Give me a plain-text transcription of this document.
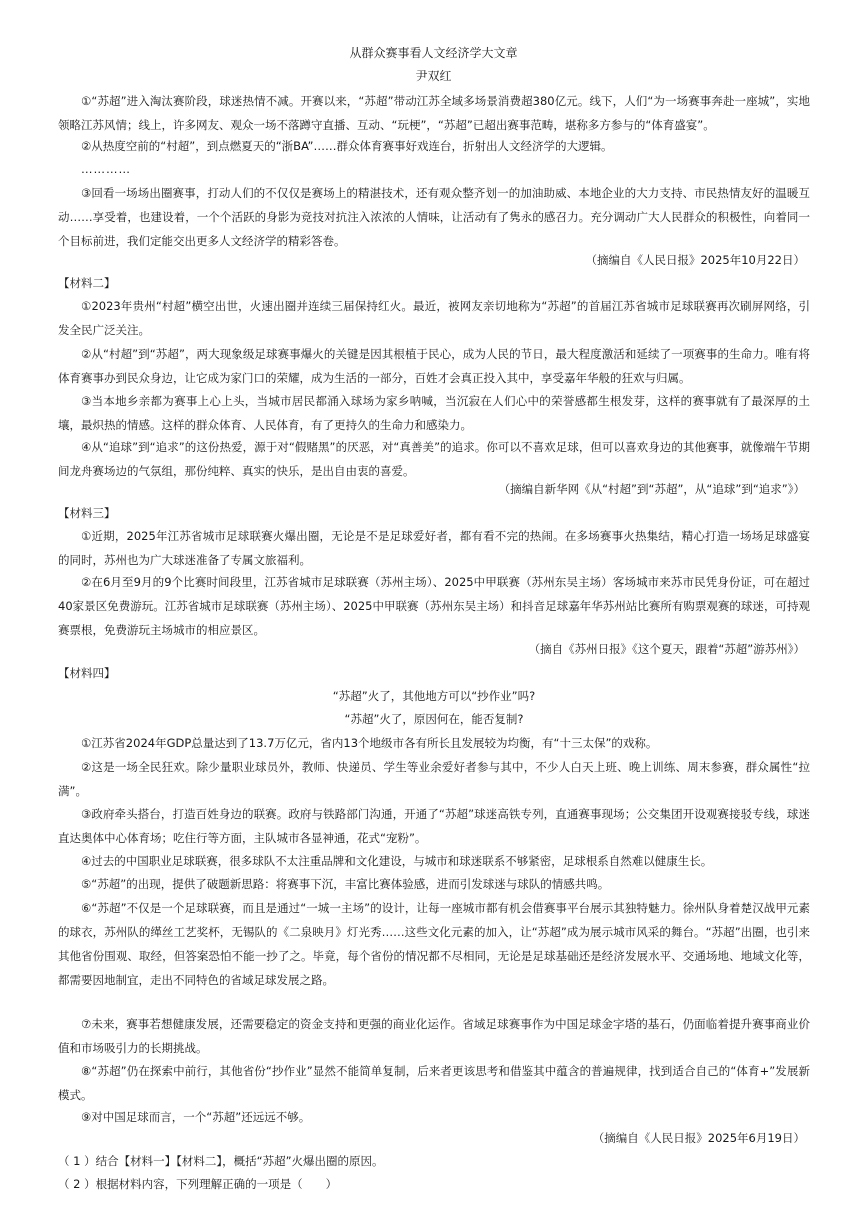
从群众赛事看人文经济学大文章
尹双红

①“苏超”进入淘汰赛阶段，球迷热情不减。开赛以来，“苏超”带动江苏全域多场景消费超380亿元。线下，人们“为一场赛事奔赴一座城”，实地领略江苏风情；线上，许多网友、观众一场不落蹲守直播、互动、“玩梗”，“苏超”已超出赛事范畴，堪称多方参与的“体育盛宴”。

②从热度空前的“村超”，到点燃夏天的“浙BA”……群众体育赛事好戏连台，折射出人文经济学的大逻辑。

…………

③回看一场场出圈赛事，打动人们的不仅仅是赛场上的精湛技术，还有观众整齐划一的加油助威、本地企业的大力支持、市民热情友好的温暖互动……享受着，也建设着，一个个活跃的身影为竞技对抗注入浓浓的人情味，让活动有了隽永的感召力。充分调动广大人民群众的积极性，向着同一个目标前进，我们定能交出更多人文经济学的精彩答卷。

（摘编自《人民日报》2025年10月22日）
【材料二】

①2023年贵州“村超”横空出世，火速出圈并连续三届保持红火。最近，被网友亲切地称为“苏超”的首届江苏省城市足球联赛再次刷屏网络，引发全民广泛关注。

②从“村超”到“苏超”，两大现象级足球赛事爆火的关键是因其根植于民心，成为人民的节日，最大程度激活和延续了一项赛事的生命力。唯有将体育赛事办到民众身边，让它成为家门口的荣耀，成为生活的一部分，百姓才会真正投入其中，享受嘉年华般的狂欢与归属。

③当本地乡亲都为赛事上心上头，当城市居民都涌入球场为家乡呐喊，当沉寂在人们心中的荣誉感都生根发芽，这样的赛事就有了最深厚的土壤，最炽热的情感。这样的群众体育、人民体育，有了更持久的生命力和感染力。

④从“追球”到“追求”的这份热爱，源于对“假赌黑”的厌恶，对“真善美”的追求。你可以不喜欢足球，但可以喜欢身边的其他赛事，就像端午节期间龙舟赛场边的气氛组，那份纯粹、真实的快乐，是出自由衷的喜爱。

（摘编自新华网《从“村超”到“苏超”，从“追球”到“追求”》）
【材料三】

①近期，2025年江苏省城市足球联赛火爆出圈，无论是不是足球爱好者，都有看不完的热闹。在多场赛事火热集结，精心打造一场场足球盛宴的同时，苏州也为广大球迷准备了专属文旅福利。

②在6月至9月的9个比赛时间段里，江苏省城市足球联赛（苏州主场）、2025中甲联赛（苏州东吴主场）客场城市来苏市民凭身份证，可在超过40家景区免费游玩。江苏省城市足球联赛（苏州主场）、2025中甲联赛（苏州东吴主场）和抖音足球嘉年华苏州站比赛所有购票观赛的球迷，可持观赛票根，免费游玩主场城市的相应景区。

（摘自《苏州日报》《这个夏天，跟着“苏超”游苏州》）
【材料四】
“苏超”火了，其他地方可以“抄作业”吗?
“苏超”火了，原因何在，能否复制?

①江苏省2024年GDP总量达到了13.7万亿元，省内13个地级市各有所长且发展较为均衡，有“十三太保”的戏称。

②这是一场全民狂欢。除少量职业球员外，教师、快递员、学生等业余爱好者参与其中，不少人白天上班、晚上训练、周末参赛，群众属性“拉满”。

③政府牵头搭台，打造百姓身边的联赛。政府与铁路部门沟通，开通了“苏超”球迷高铁专列，直通赛事现场；公交集团开设观赛接驳专线，球迷直达奥体中心体育场；吃住行等方面，主队城市各显神通，花式“宠粉”。

④过去的中国职业足球联赛，很多球队不太注重品牌和文化建设，与城市和球迷联系不够紧密，足球根系自然难以健康生长。

⑤“苏超”的出现，提供了破题新思路：将赛事下沉，丰富比赛体验感，进而引发球迷与球队的情感共鸣。

⑥“苏超”不仅是一个足球联赛，而且是通过“一城一主场”的设计，让每一座城市都有机会借赛事平台展示其独特魅力。徐州队身着楚汉战甲元素的球衣，苏州队的缂丝工艺奖杯，无锡队的《二泉映月》灯光秀……这些文化元素的加入，让“苏超”成为展示城市风采的舞台。“苏超”出圈，也引来其他省份围观、取经，但答案恐怕不能一抄了之。毕竟，每个省份的情况都不尽相同，无论是足球基础还是经济发展水平、交通场地、地域文化等，都需要因地制宜，走出不同特色的省域足球发展之路。

⑦未来，赛事若想健康发展，还需要稳定的资金支持和更强的商业化运作。省域足球赛事作为中国足球金字塔的基石，仍面临着提升赛事商业价值和市场吸引力的长期挑战。

⑧“苏超”仍在探索中前行，其他省份“抄作业”显然不能简单复制，后来者更该思考和借鉴其中蕴含的普遍规律，找到适合自己的“体育+”发展新模式。

⑨对中国足球而言，一个“苏超”还远远不够。

（摘编自《人民日报》2025年6月19日）
（ 1 ）结合【材料一】【材料二】，概括“苏超”火爆出圈的原因。
（ 2 ）根据材料内容，下列理解正确的一项是（　　）
